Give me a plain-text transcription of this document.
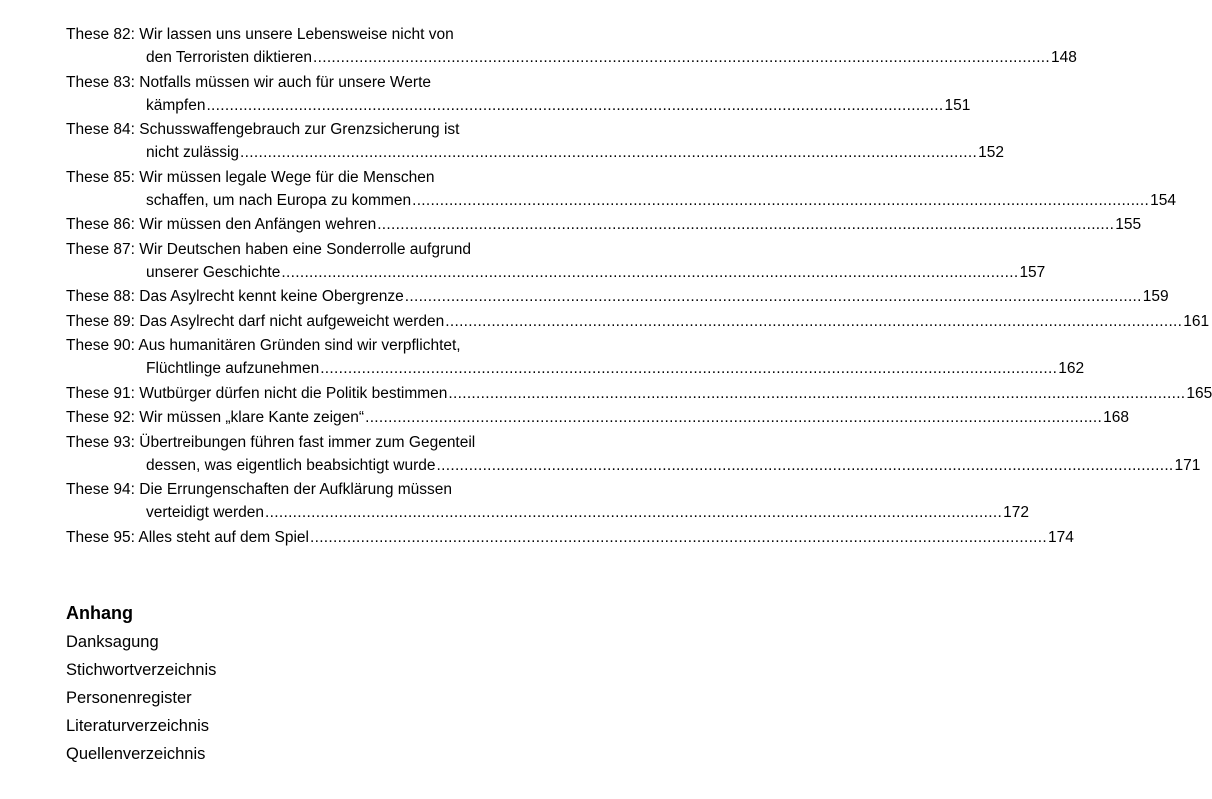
These 82: Wir lassen uns unsere Lebensweise nicht von
den Terroristen diktieren ................................................................................................................................................................ 148
These 83: Notfalls müssen wir auch für unsere Werte
kämpfen ................................................................................................................................................................ 151
These 84: Schusswaffengebrauch zur Grenzsicherung ist
nicht zulässig ................................................................................................................................................................ 152
These 85: Wir müssen legale Wege für die Menschen
schaffen, um nach Europa zu kommen ................................................................................................................................................................ 154
These 86: Wir müssen den Anfängen wehren ................................................................................................................................................................ 155
These 87: Wir Deutschen haben eine Sonderrolle aufgrund
unserer Geschichte ................................................................................................................................................................ 157
These 88: Das Asylrecht kennt keine Obergrenze ................................................................................................................................................................ 159
These 89: Das Asylrecht darf nicht aufgeweicht werden ................................................................................................................................................................ 161
These 90: Aus humanitären Gründen sind wir verpflichtet,
Flüchtlinge aufzunehmen ................................................................................................................................................................ 162
These 91: Wutbürger dürfen nicht die Politik bestimmen ................................................................................................................................................................ 165
These 92: Wir müssen „klare Kante zeigen“ ................................................................................................................................................................ 168
These 93: Übertreibungen führen fast immer zum Gegenteil
dessen, was eigentlich beabsichtigt wurde ................................................................................................................................................................ 171
These 94: Die Errungenschaften der Aufklärung müssen
verteidigt werden ................................................................................................................................................................ 172
These 95: Alles steht auf dem Spiel ................................................................................................................................................................ 174
Anhang
Danksagung
Stichwortverzeichnis
Personenregister
Literaturverzeichnis
Quellenverzeichnis
